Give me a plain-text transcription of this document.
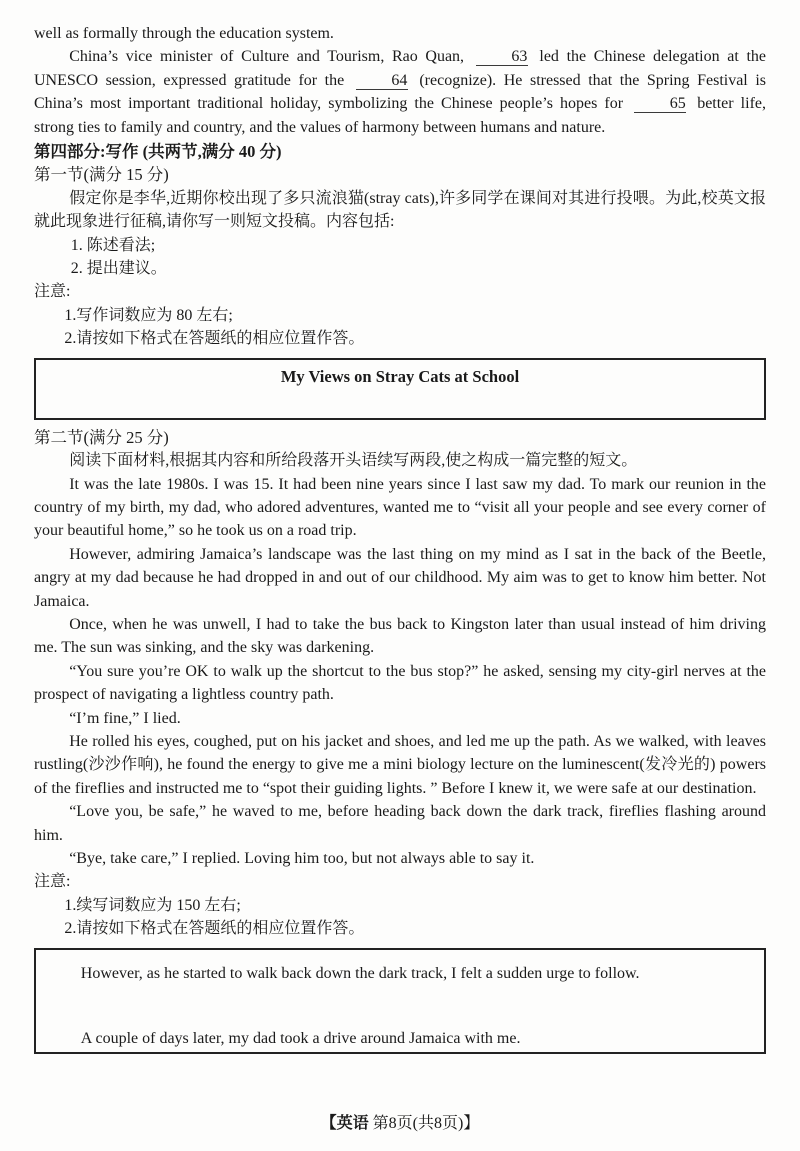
well as formally through the education system.

China’s vice minister of Culture and Tourism, Rao Quan, 63 led the Chinese delegation at the UNESCO session, expressed gratitude for the 64 (recognize). He stressed that the Spring Festival is China’s most important traditional holiday, symbolizing the Chinese people’s hopes for 65 better life, strong ties to family and country, and the values of harmony between humans and nature.

第四部分:写作 (共两节,满分 40 分)

第一节(满分 15 分)

假定你是李华,近期你校出现了多只流浪猫(stray cats),许多同学在课间对其进行投喂。为此,校英文报就此现象进行征稿,请你写一则短文投稿。内容包括:

1. 陈述看法;

2. 提出建议。

注意:

1.写作词数应为 80 左右;

2.请按如下格式在答题纸的相应位置作答。

My Views on Stray Cats at School

第二节(满分 25 分)

阅读下面材料,根据其内容和所给段落开头语续写两段,使之构成一篇完整的短文。

It was the late 1980s. I was 15. It had been nine years since I last saw my dad. To mark our reunion in the country of my birth, my dad, who adored adventures, wanted me to “visit all your people and see every corner of your beautiful home,” so he took us on a road trip.

However, admiring Jamaica’s landscape was the last thing on my mind as I sat in the back of the Beetle, angry at my dad because he had dropped in and out of our childhood. My aim was to get to know him better. Not Jamaica.

Once, when he was unwell, I had to take the bus back to Kingston later than usual instead of him driving me. The sun was sinking, and the sky was darkening.

“You sure you’re OK to walk up the shortcut to the bus stop?” he asked, sensing my city-girl nerves at the prospect of navigating a lightless country path.

“I’m fine,” I lied.

He rolled his eyes, coughed, put on his jacket and shoes, and led me up the path. As we walked, with leaves rustling(沙沙作响), he found the energy to give me a mini biology lecture on the luminescent(发冷光的) powers of the fireflies and instructed me to “spot their guiding lights. ” Before I knew it, we were safe at our destination.

“Love you, be safe,” he waved to me, before heading back down the dark track, fireflies flashing around him.

“Bye, take care,” I replied. Loving him too, but not always able to say it.

注意:

1.续写词数应为 150 左右;

2.请按如下格式在答题纸的相应位置作答。

However, as he started to walk back down the dark track, I felt a sudden urge to follow.

A couple of days later, my dad took a drive around Jamaica with me.

【英语 第8页(共8页)】
